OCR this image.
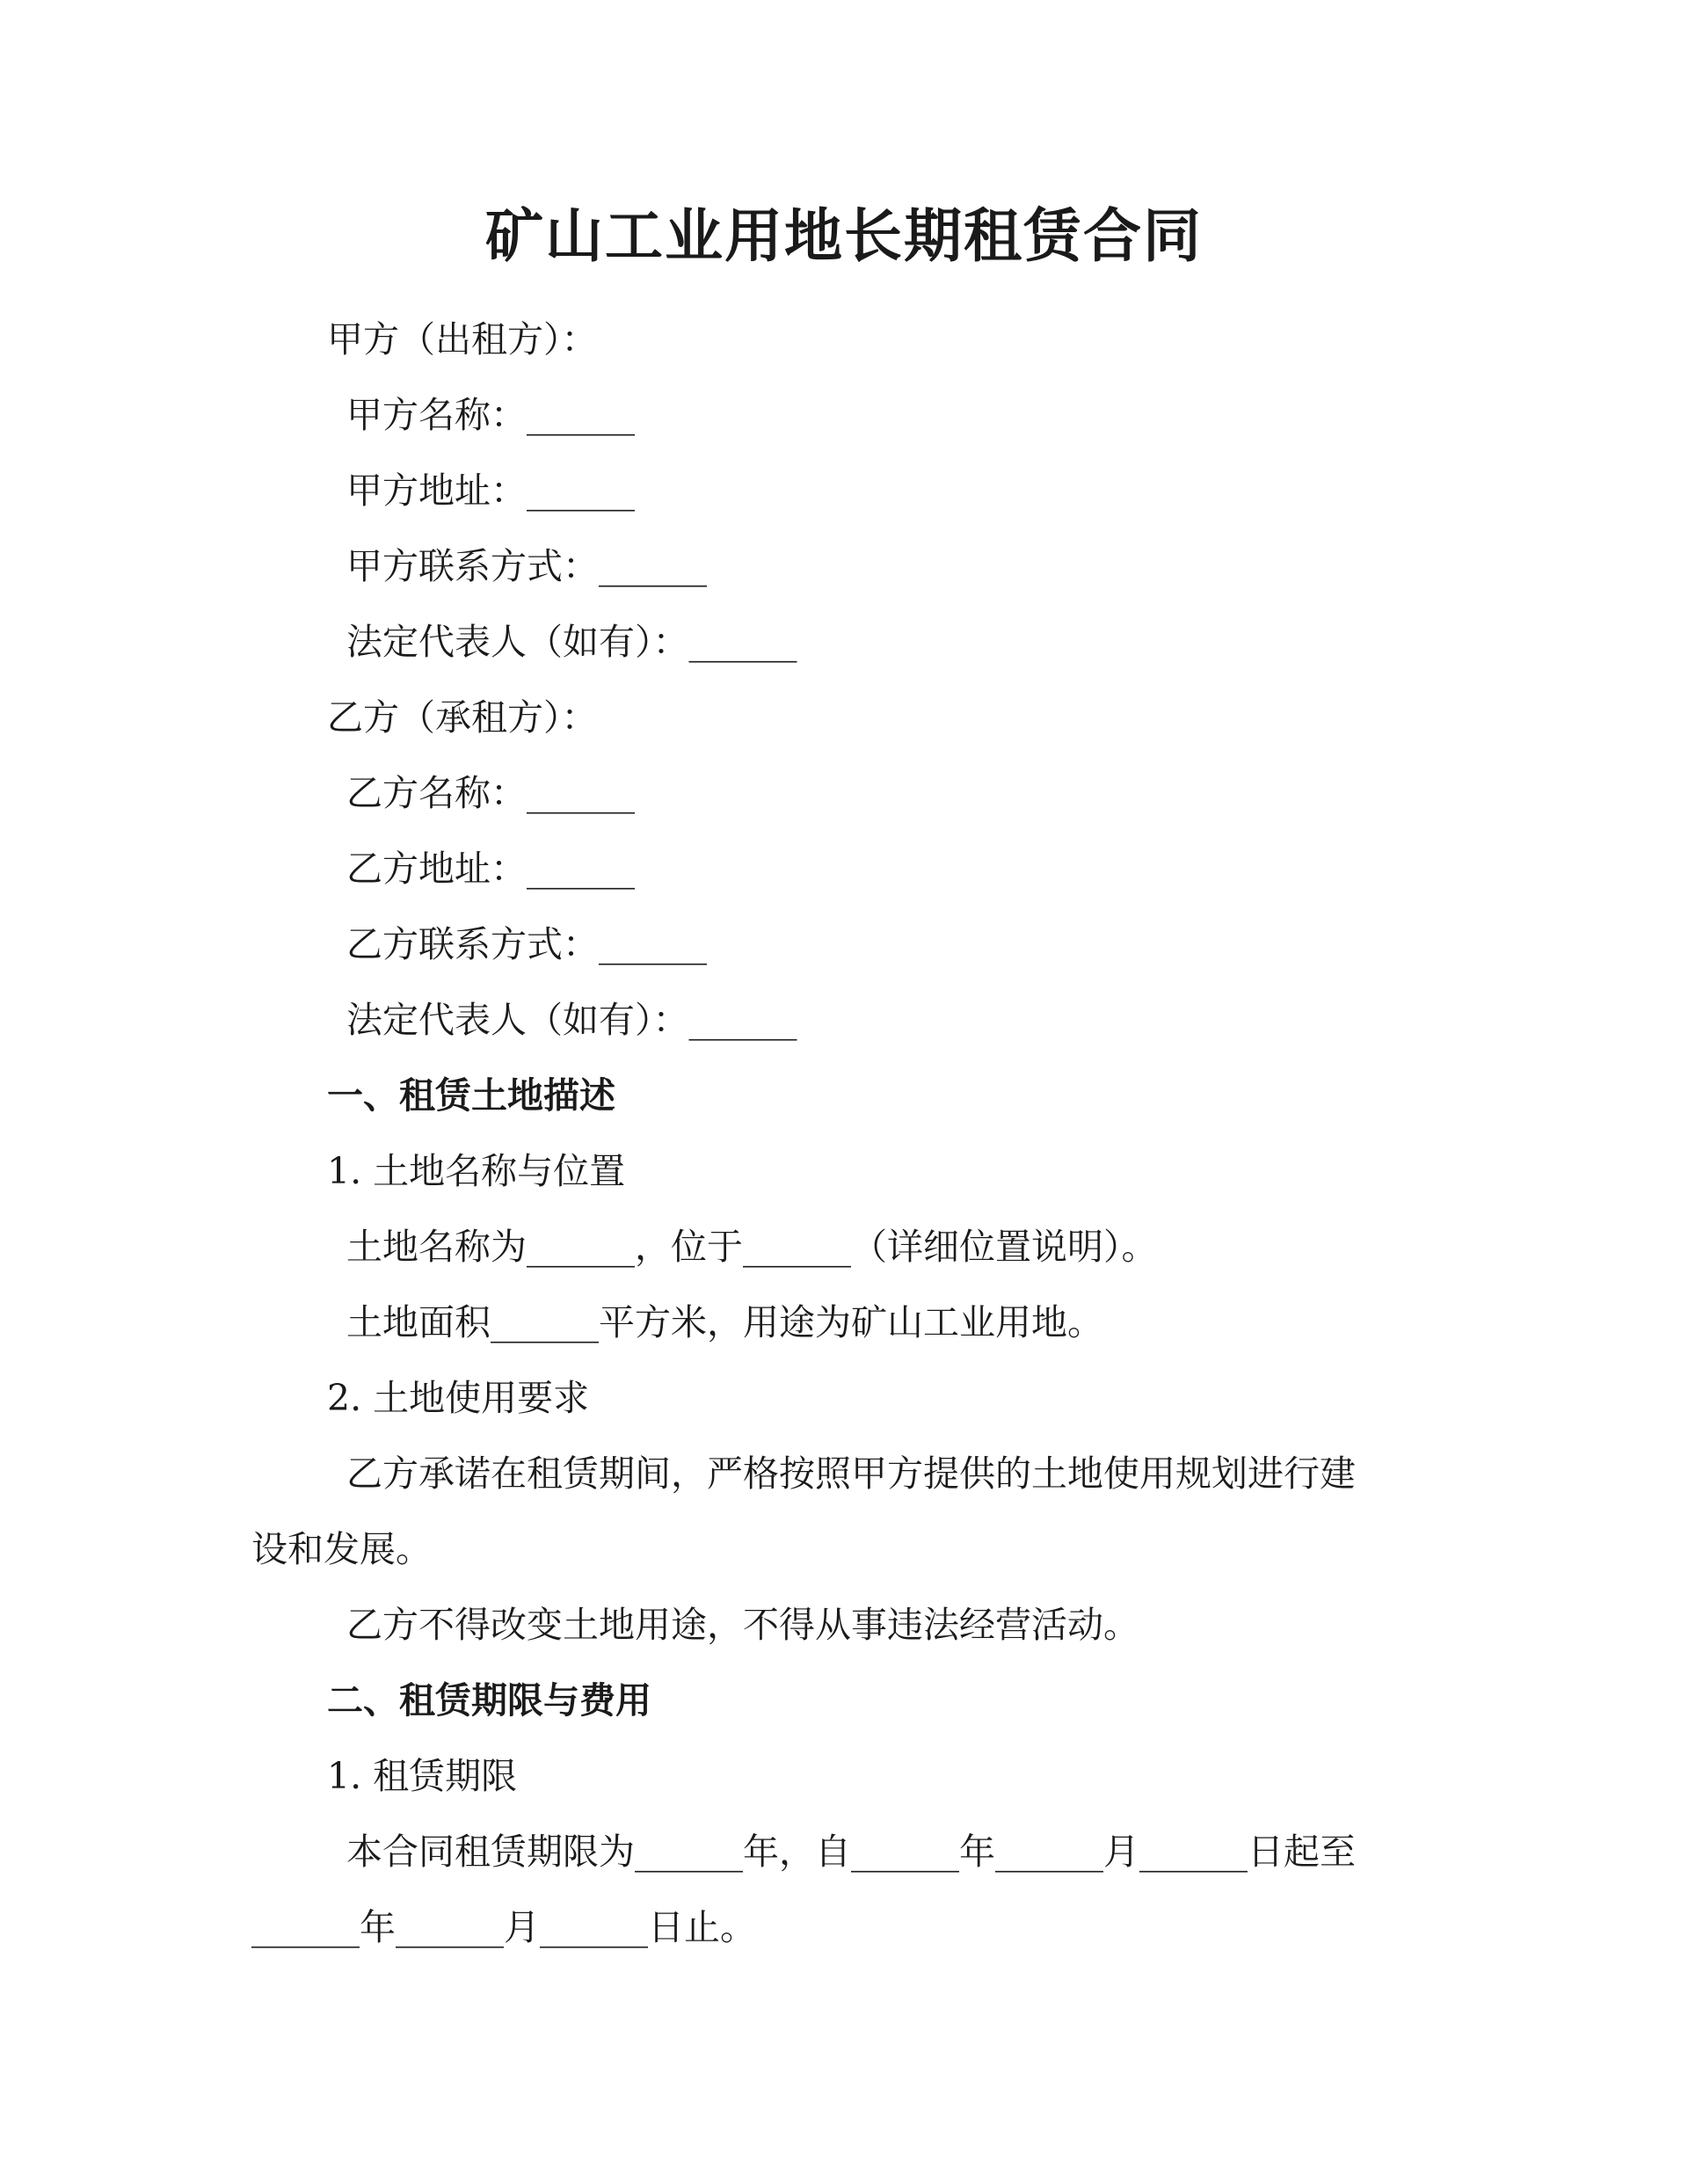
矿山工业用地长期租赁合同
甲方（出租方）：
甲方名称：______
甲方地址：______
甲方联系方式：______
法定代表人（如有）：______
乙方（承租方）：
乙方名称：______
乙方地址：______
乙方联系方式：______
法定代表人（如有）：______
一、租赁土地描述
1. 土地名称与位置
土地名称为______，位于______（详细位置说明）。
土地面积______平方米，用途为矿山工业用地。
2. 土地使用要求
乙方承诺在租赁期间，严格按照甲方提供的土地使用规划进行建
设和发展。
乙方不得改变土地用途，不得从事违法经营活动。
二、租赁期限与费用
1. 租赁期限
本合同租赁期限为______年，自______年______月______日起至
______年______月______日止。
